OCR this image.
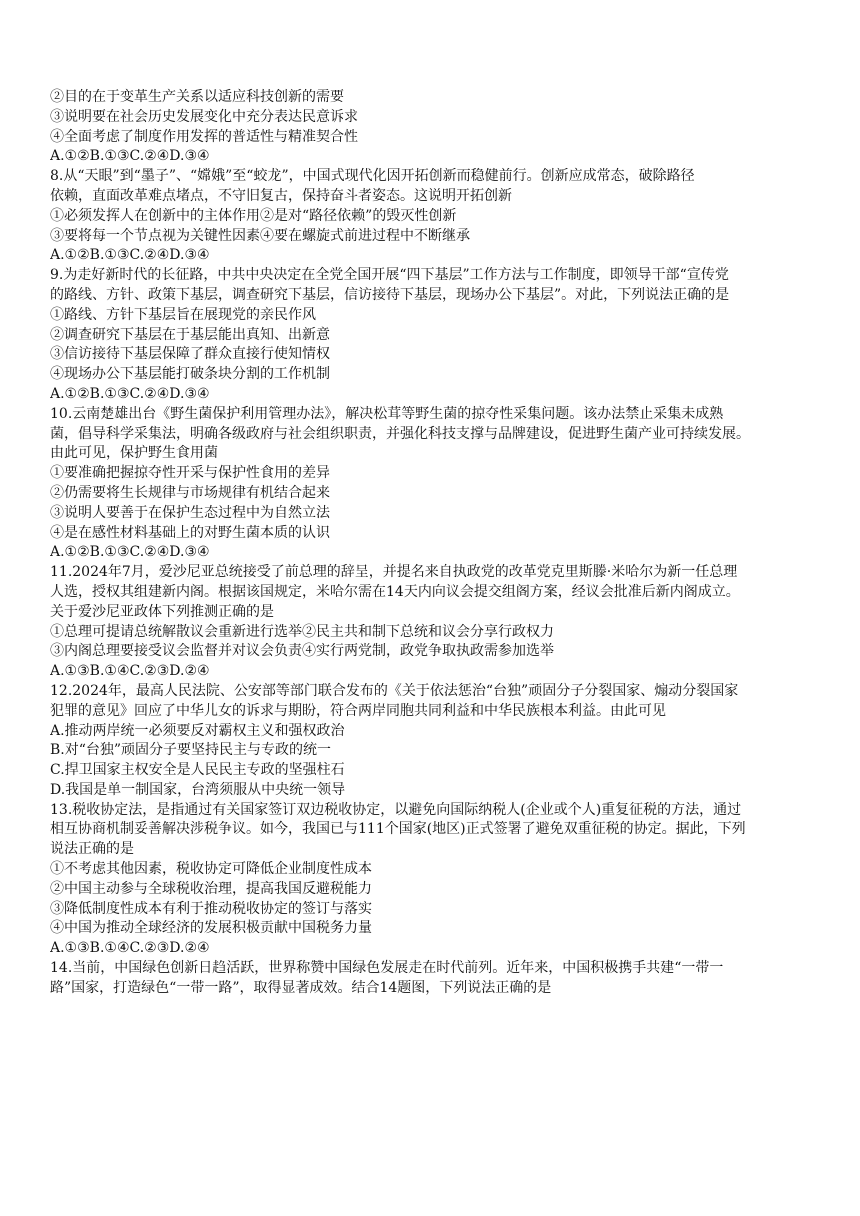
②目的在于变革生产关系以适应科技创新的需要
③说明要在社会历史发展变化中充分表达民意诉求
④全面考虑了制度作用发挥的普适性与精准契合性
A.①②B.①③C.②④D.③④
8.从“天眼”到“墨子”、“嫦娥”至“蛟龙”，中国式现代化因开拓创新而稳健前行。创新应成常态，破除路径
依赖，直面改革难点堵点，不守旧复古，保持奋斗者姿态。这说明开拓创新
①必须发挥人在创新中的主体作用②是对“路径依赖”的毁灭性创新
③要将每一个节点视为关键性因素④要在螺旋式前进过程中不断继承
A.①②B.①③C.②④D.③④
9.为走好新时代的长征路，中共中央决定在全党全国开展“四下基层”工作方法与工作制度，即领导干部“宣传党
的路线、方针、政策下基层，调查研究下基层，信访接待下基层，现场办公下基层”。对此，下列说法正确的是
①路线、方针下基层旨在展现党的亲民作风
②调查研究下基层在于基层能出真知、出新意
③信访接待下基层保障了群众直接行使知情权
④现场办公下基层能打破条块分割的工作机制
A.①②B.①③C.②④D.③④
10.云南楚雄出台《野生菌保护利用管理办法》，解决松茸等野生菌的掠夺性采集问题。该办法禁止采集未成熟
菌，倡导科学采集法，明确各级政府与社会组织职责，并强化科技支撑与品牌建设，促进野生菌产业可持续发展。
由此可见，保护野生食用菌
①要准确把握掠夺性开采与保护性食用的差异
②仍需要将生长规律与市场规律有机结合起来
③说明人要善于在保护生态过程中为自然立法
④是在感性材料基础上的对野生菌本质的认识
A.①②B.①③C.②④D.③④
11.2024年7月，爱沙尼亚总统接受了前总理的辞呈，并提名来自执政党的改革党克里斯滕·米哈尔为新一任总理
人选，授权其组建新内阁。根据该国规定，米哈尔需在14天内向议会提交组阁方案，经议会批准后新内阁成立。
关于爱沙尼亚政体下列推测正确的是
①总理可提请总统解散议会重新进行选举②民主共和制下总统和议会分享行政权力
③内阁总理要接受议会监督并对议会负责④实行两党制，政党争取执政需参加选举
A.①③B.①④C.②③D.②④
12.2024年，最高人民法院、公安部等部门联合发布的《关于依法惩治“台独”顽固分子分裂国家、煽动分裂国家
犯罪的意见》回应了中华儿女的诉求与期盼，符合两岸同胞共同利益和中华民族根本利益。由此可见
A.推动两岸统一必须要反对霸权主义和强权政治
B.对“台独”顽固分子要坚持民主与专政的统一
C.捍卫国家主权安全是人民民主专政的坚强柱石
D.我国是单一制国家，台湾须服从中央统一领导
13.税收协定法，是指通过有关国家签订双边税收协定，以避免向国际纳税人(企业或个人)重复征税的方法，通过
相互协商机制妥善解决涉税争议。如今，我国已与111个国家(地区)正式签署了避免双重征税的协定。据此，下列
说法正确的是
①不考虑其他因素，税收协定可降低企业制度性成本
②中国主动参与全球税收治理，提高我国反避税能力
③降低制度性成本有利于推动税收协定的签订与落实
④中国为推动全球经济的发展积极贡献中国税务力量
A.①③B.①④C.②③D.②④
14.当前，中国绿色创新日趋活跃，世界称赞中国绿色发展走在时代前列。近年来，中国积极携手共建“一带一
路”国家，打造绿色“一带一路”，取得显著成效。结合14题图，下列说法正确的是
